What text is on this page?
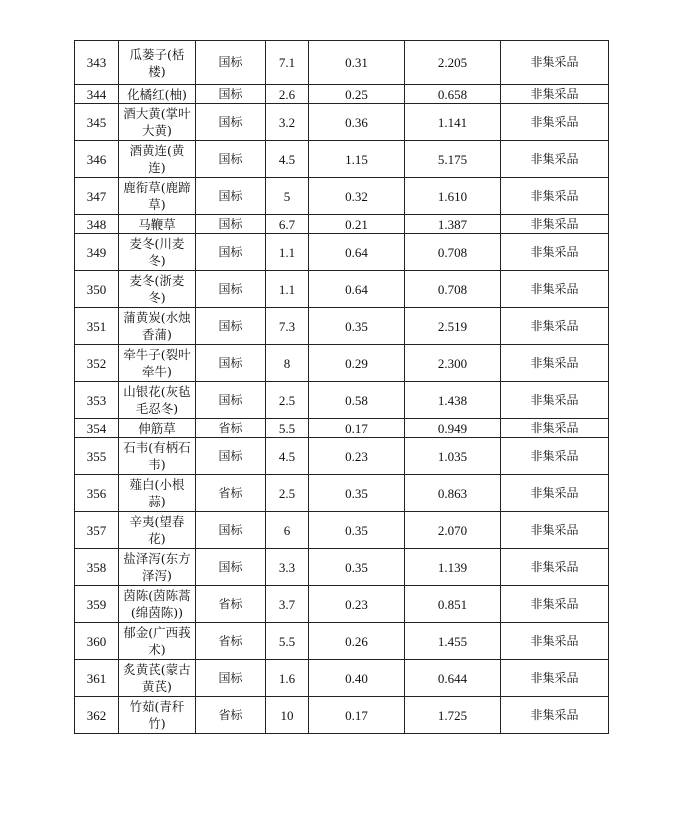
343	瓜蒌子(栝楼)	国标	7.1	0.31	2.205	非集采品
344	化橘红(柚)	国标	2.6	0.25	0.658	非集采品
345	酒大黄(掌叶大黄)	国标	3.2	0.36	1.141	非集采品
346	酒黄连(黄连)	国标	4.5	1.15	5.175	非集采品
347	鹿衔草(鹿蹄草)	国标	5	0.32	1.610	非集采品
348	马鞭草	国标	6.7	0.21	1.387	非集采品
349	麦冬(川麦冬)	国标	1.1	0.64	0.708	非集采品
350	麦冬(浙麦冬)	国标	1.1	0.64	0.708	非集采品
351	蒲黄炭(水烛香蒲)	国标	7.3	0.35	2.519	非集采品
352	牵牛子(裂叶牵牛)	国标	8	0.29	2.300	非集采品
353	山银花(灰毡毛忍冬)	国标	2.5	0.58	1.438	非集采品
354	伸筋草	省标	5.5	0.17	0.949	非集采品
355	石韦(有柄石韦)	国标	4.5	0.23	1.035	非集采品
356	薤白(小根蒜)	省标	2.5	0.35	0.863	非集采品
357	辛夷(望春花)	国标	6	0.35	2.070	非集采品
358	盐泽泻(东方泽泻)	国标	3.3	0.35	1.139	非集采品
359	茵陈(茵陈蒿(绵茵陈))	省标	3.7	0.23	0.851	非集采品
360	郁金(广西莪术)	省标	5.5	0.26	1.455	非集采品
361	炙黄芪(蒙古黄芪)	国标	1.6	0.40	0.644	非集采品
362	竹茹(青秆竹)	省标	10	0.17	1.725	非集采品
